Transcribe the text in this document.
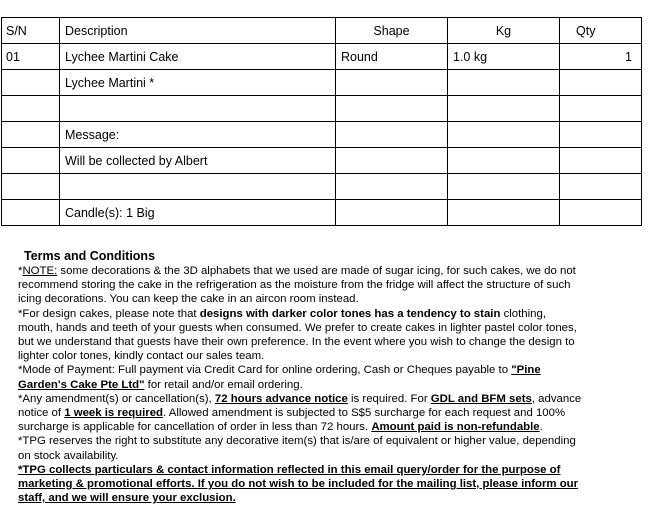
S/N	Description	Shape	Kg	Qty
01	Lychee Martini Cake	Round	1.0 kg	1
	Lychee Martini *			

	Message:			
	Will be collected by Albert			

	Candle(s): 1 Big			
Terms and Conditions
*NOTE: some decorations & the 3D alphabets that we used are made of sugar icing, for such cakes, we do not
recommend storing the cake in the refrigeration as the moisture from the fridge will affect the structure of such
icing decorations. You can keep the cake in an aircon room instead.
*For design cakes, please note that designs with darker color tones has a tendency to stain clothing,
mouth, hands and teeth of your guests when consumed. We prefer to create cakes in lighter pastel color tones,
but we understand that guests have their own preference. In the event where you wish to change the design to
lighter color tones, kindly contact our sales team.
*Mode of Payment: Full payment via Credit Card for online ordering, Cash or Cheques payable to "Pine
Garden's Cake Pte Ltd" for retail and/or email ordering.
*Any amendment(s) or cancellation(s), 72 hours advance notice is required. For GDL and BFM sets, advance
notice of 1 week is required. Allowed amendment is subjected to S$5 surcharge for each request and 100%
surcharge is applicable for cancellation of order in less than 72 hours. Amount paid is non-refundable.
*TPG reserves the right to substitute any decorative item(s) that is/are of equivalent or higher value, depending
on stock availability.
*TPG collects particulars & contact information reflected in this email query/order for the purpose of
marketing & promotional efforts. If you do not wish to be included for the mailing list, please inform our
staff, and we will ensure your exclusion.
